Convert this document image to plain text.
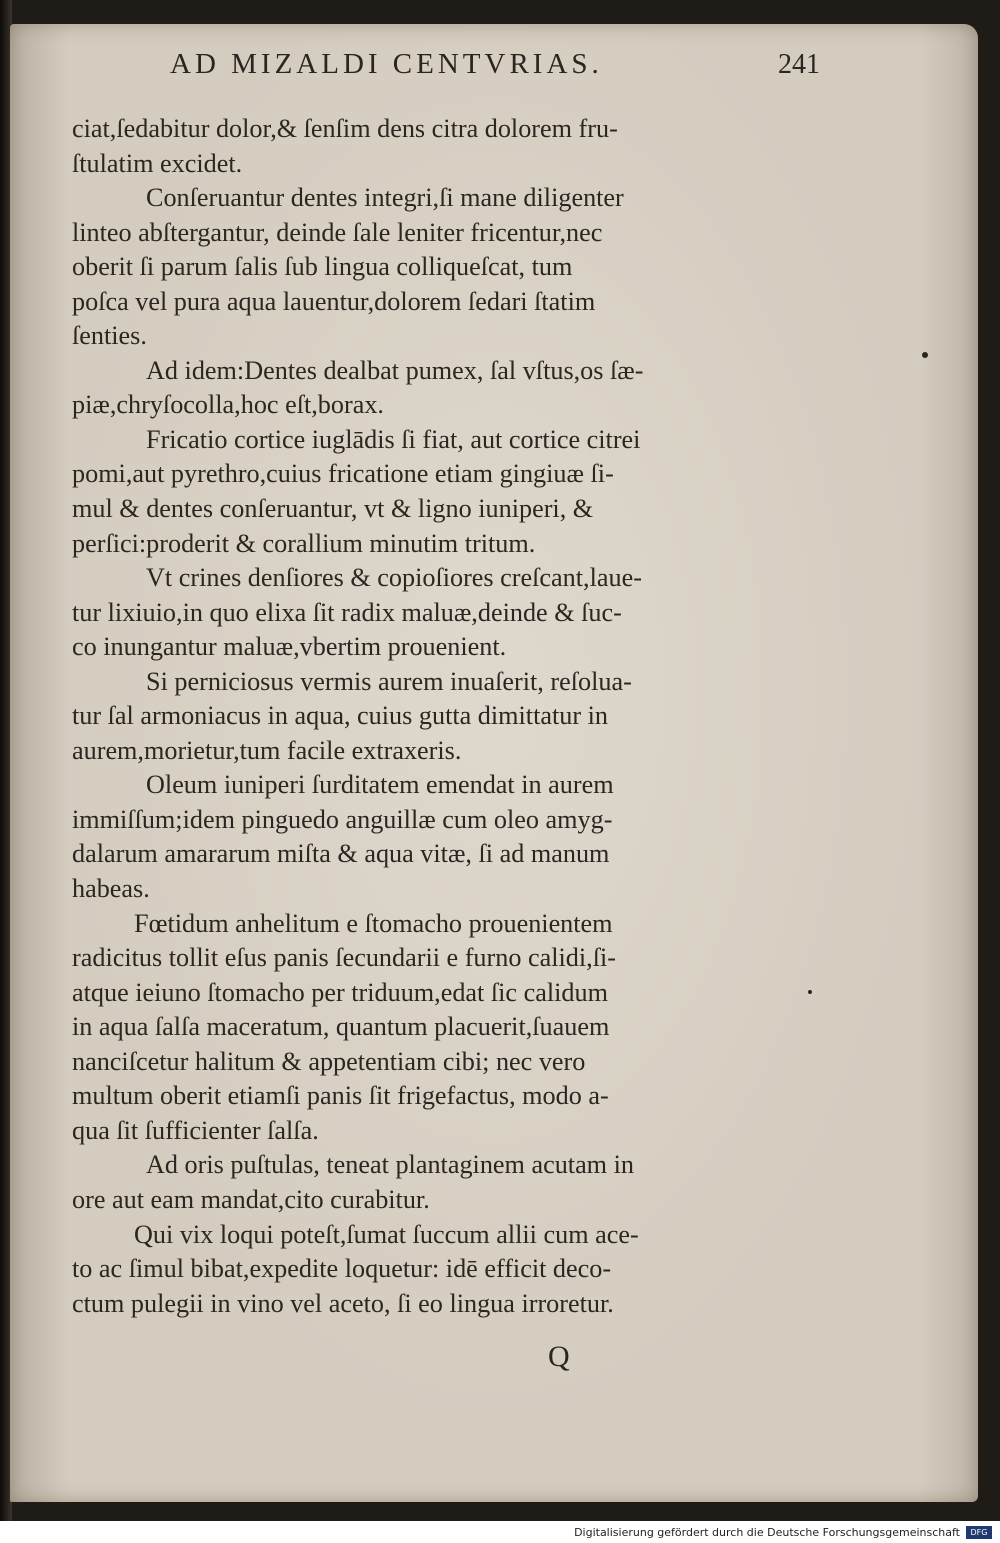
AD MIZALDI CENTVRIAS.	241
ciat,ſedabitur dolor,& ſenſim dens citra dolorem fru-
ſtulatim excidet.
Conſeruantur dentes integri,ſi mane diligenter
linteo abſtergantur, deinde ſale leniter fricentur,nec
oberit ſi parum ſalis ſub lingua colliqueſcat, tum
poſca vel pura aqua lauentur,dolorem ſedari ſtatim
ſenties.
Ad idem:Dentes dealbat pumex, ſal vſtus,os ſæ-
piæ,chryſocolla,hoc eſt,borax.
Fricatio cortice iuglādis ſi fiat, aut cortice citrei
pomi,aut pyrethro,cuius fricatione etiam gingiuæ ſi-
mul & dentes conſeruantur, vt & ligno iuniperi, &
perſici:proderit & corallium minutim tritum.
Vt crines denſiores & copioſiores creſcant,laue-
tur lixiuio,in quo elixa ſit radix maluæ,deinde & ſuc-
co inungantur maluæ,vbertim prouenient.
Si perniciosus vermis aurem inuaſerit, reſolua-
tur ſal armoniacus in aqua, cuius gutta dimittatur in
aurem,morietur,tum facile extraxeris.
Oleum iuniperi ſurditatem emendat in aurem
immiſſum;idem pinguedo anguillæ cum oleo amyg-
dalarum amararum miſta & aqua vitæ, ſi ad manum
habeas.
Fœtidum anhelitum e ſtomacho prouenientem
radicitus tollit eſus panis ſecundarii e furno calidi,ſi-
atque ieiuno ſtomacho per triduum,edat ſic calidum
in aqua ſalſa maceratum, quantum placuerit,ſuauem
nanciſcetur halitum & appetentiam cibi; nec vero
multum oberit etiamſi panis ſit frigefactus, modo a-
qua ſit ſufficienter ſalſa.
Ad oris puſtulas, teneat plantaginem acutam in
ore aut eam mandat,cito curabitur.
Qui vix loqui poteſt,ſumat ſuccum allii cum ace-
to ac ſimul bibat,expedite loquetur: idē efficit deco-
ctum pulegii in vino vel aceto, ſi eo lingua irroretur.
Q
Digitalisierung gefördert durch die Deutsche Forschungsgemeinschaft	DFG
